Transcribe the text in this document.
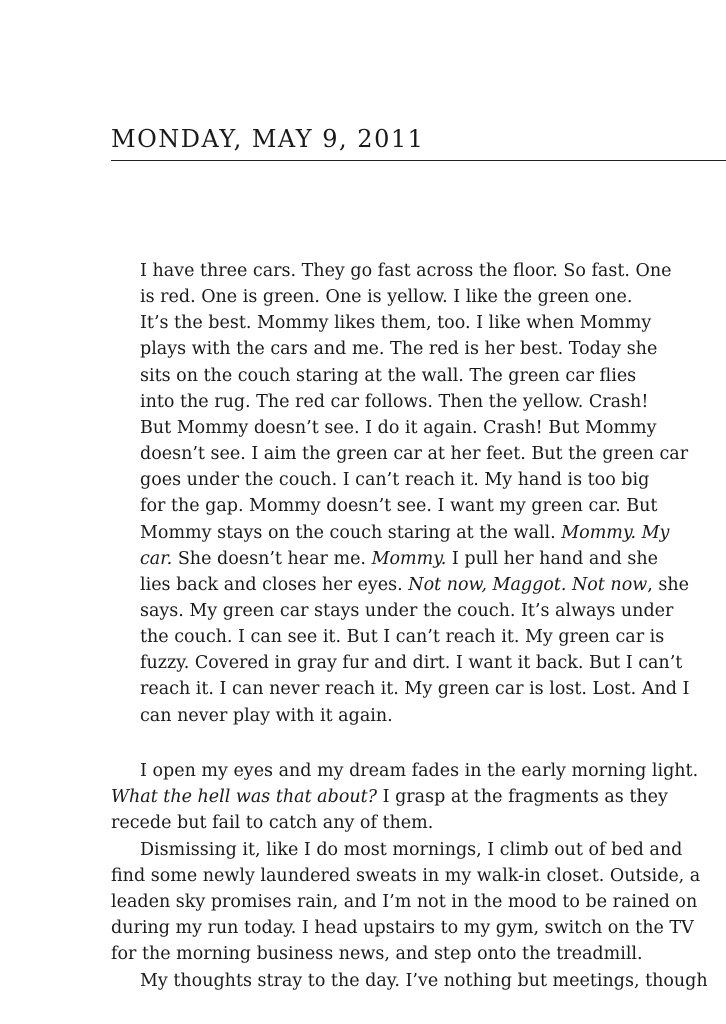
MONDAY, MAY 9, 2011
I have three cars. They go fast across the floor. So fast. One
is red. One is green. One is yellow. I like the green one.
It’s the best. Mommy likes them, too. I like when Mommy
plays with the cars and me. The red is her best. Today she
sits on the couch staring at the wall. The green car flies
into the rug. The red car follows. Then the yellow. Crash!
But Mommy doesn’t see. I do it again. Crash! But Mommy
doesn’t see. I aim the green car at her feet. But the green car
goes under the couch. I can’t reach it. My hand is too big
for the gap. Mommy doesn’t see. I want my green car. But
Mommy stays on the couch staring at the wall. Mommy. My
car. She doesn’t hear me. Mommy. I pull her hand and she
lies back and closes her eyes. Not now, Maggot. Not now, she
says. My green car stays under the couch. It’s always under
the couch. I can see it. But I can’t reach it. My green car is
fuzzy. Covered in gray fur and dirt. I want it back. But I can’t
reach it. I can never reach it. My green car is lost. Lost. And I
can never play with it again.
I open my eyes and my dream fades in the early morning light.
What the hell was that about? I grasp at the fragments as they
recede but fail to catch any of them.
Dismissing it, like I do most mornings, I climb out of bed and
find some newly laundered sweats in my walk-in closet. Outside, a
leaden sky promises rain, and I’m not in the mood to be rained on
during my run today. I head upstairs to my gym, switch on the TV
for the morning business news, and step onto the treadmill.
My thoughts stray to the day. I’ve nothing but meetings, though
